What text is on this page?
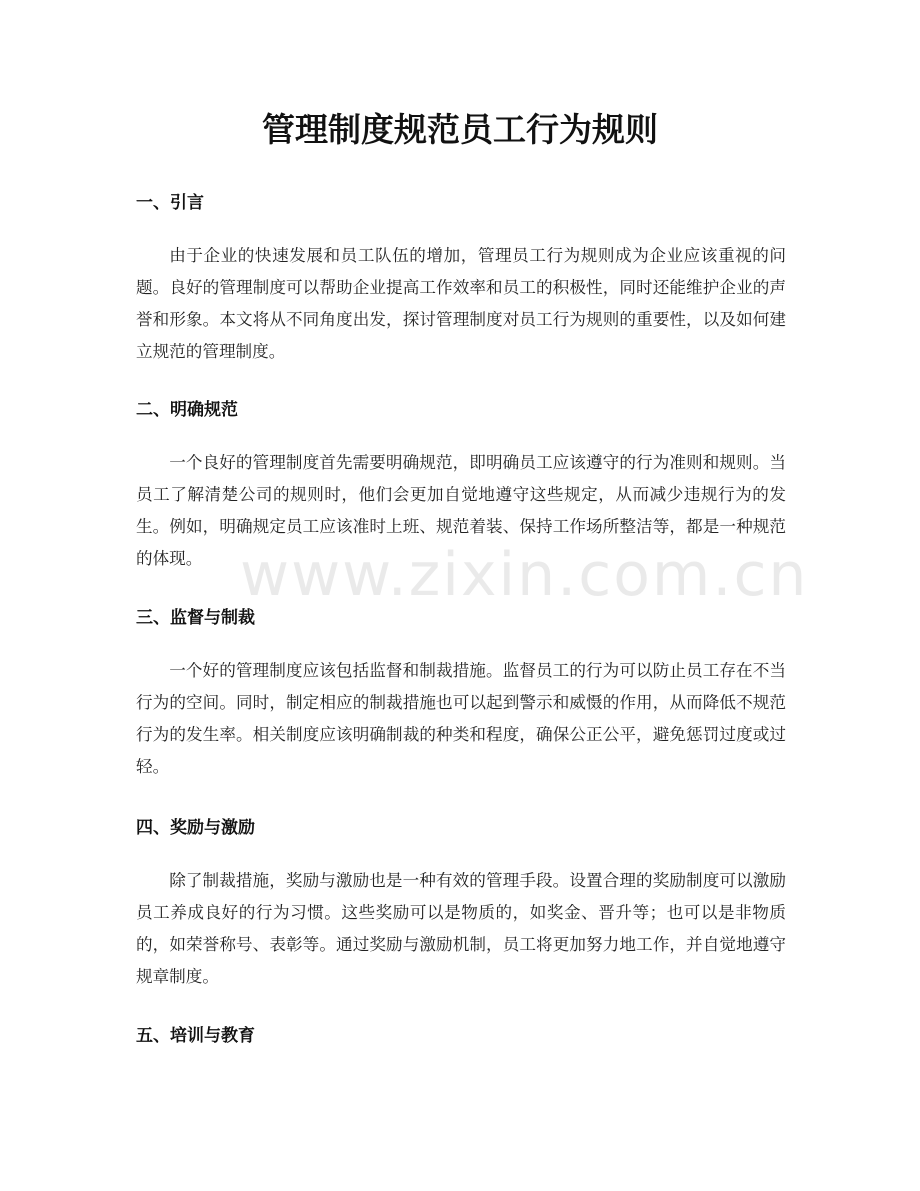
管理制度规范员工行为规则
一、引言

由于企业的快速发展和员工队伍的增加，管理员工行为规则成为企业应该重视的问题。良好的管理制度可以帮助企业提高工作效率和员工的积极性，同时还能维护企业的声誉和形象。本文将从不同角度出发，探讨管理制度对员工行为规则的重要性，以及如何建立规范的管理制度。

二、明确规范

一个良好的管理制度首先需要明确规范，即明确员工应该遵守的行为准则和规则。当员工了解清楚公司的规则时，他们会更加自觉地遵守这些规定，从而减少违规行为的发生。例如，明确规定员工应该准时上班、规范着装、保持工作场所整洁等，都是一种规范的体现。

三、监督与制裁

一个好的管理制度应该包括监督和制裁措施。监督员工的行为可以防止员工存在不当行为的空间。同时，制定相应的制裁措施也可以起到警示和威慑的作用，从而降低不规范行为的发生率。相关制度应该明确制裁的种类和程度，确保公正公平，避免惩罚过度或过轻。

四、奖励与激励

除了制裁措施，奖励与激励也是一种有效的管理手段。设置合理的奖励制度可以激励员工养成良好的行为习惯。这些奖励可以是物质的，如奖金、晋升等；也可以是非物质的，如荣誉称号、表彰等。通过奖励与激励机制，员工将更加努力地工作，并自觉地遵守规章制度。

五、培训与教育
www.zixin.com.cn
